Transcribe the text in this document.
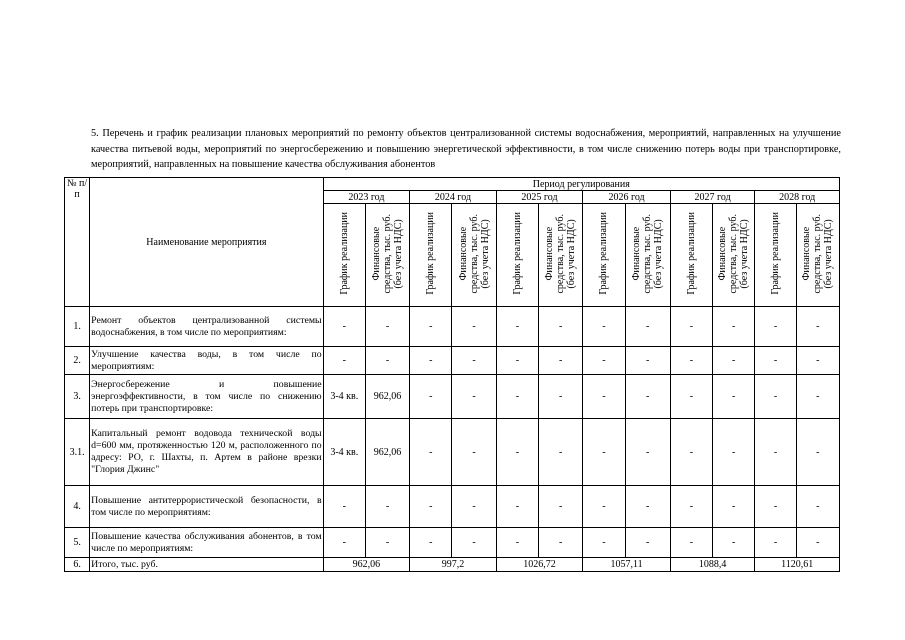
5. Перечень и график реализации плановых мероприятий по ремонту объектов централизованной системы водоснабжения, мероприятий, направленных на улучшение качества питьевой воды, мероприятий по энергосбережению и повышению энергетической эффективности, в том числе снижению потерь воды при транспортировке, мероприятий, направленных на повышение качества обслуживания абонентов
№ п/п	Наименование мероприятия	Период регулирования											
		2023 год		2024 год		2025 год		2026 год		2027 год		2028 год	
		График реализации	Финансовые
средства, тыс. руб.
(без учета НДС)	График реализации	Финансовые
средства, тыс. руб.
(без учета НДС)	График реализации	Финансовые
средства, тыс. руб.
(без учета НДС)	График реализации	Финансовые
средства, тыс. руб.
(без учета НДС)	График реализации	Финансовые
средства, тыс. руб.
(без учета НДС)	График реализации	Финансовые
средства, тыс. руб.
(без учета НДС)
1.	Ремонт объектов централизованной системы водоснабжения, в том числе по мероприятиям:	-	-	-	-	-	-	-	-	-	-	-	-
2.	Улучшение качества воды, в том числе по мероприятиям:	-	-	-	-	-	-	-	-	-	-	-	-
3.	Энергосбережение и повышение энергоэффективности, в том числе по снижению потерь при транспортировке:	3-4 кв.	962,06	-	-	-	-	-	-	-	-	-	-
3.1.	Капитальный ремонт водовода технической воды d=600 мм, протяженностью 120 м, расположенного по адресу: РО, г. Шахты, п. Артем в районе врезки "Глория Джинс"	3-4 кв.	962,06	-	-	-	-	-	-	-	-	-	-
4.	Повышение антитеррористической безопасности, в том числе по мероприятиям:	-	-	-	-	-	-	-	-	-	-	-	-
5.	Повышение качества обслуживания абонентов, в том числе по мероприятиям:	-	-	-	-	-	-	-	-	-	-	-	-
6.	Итого, тыс. руб.	962,06		997,2		1026,72		1057,11		1088,4		1120,61	
